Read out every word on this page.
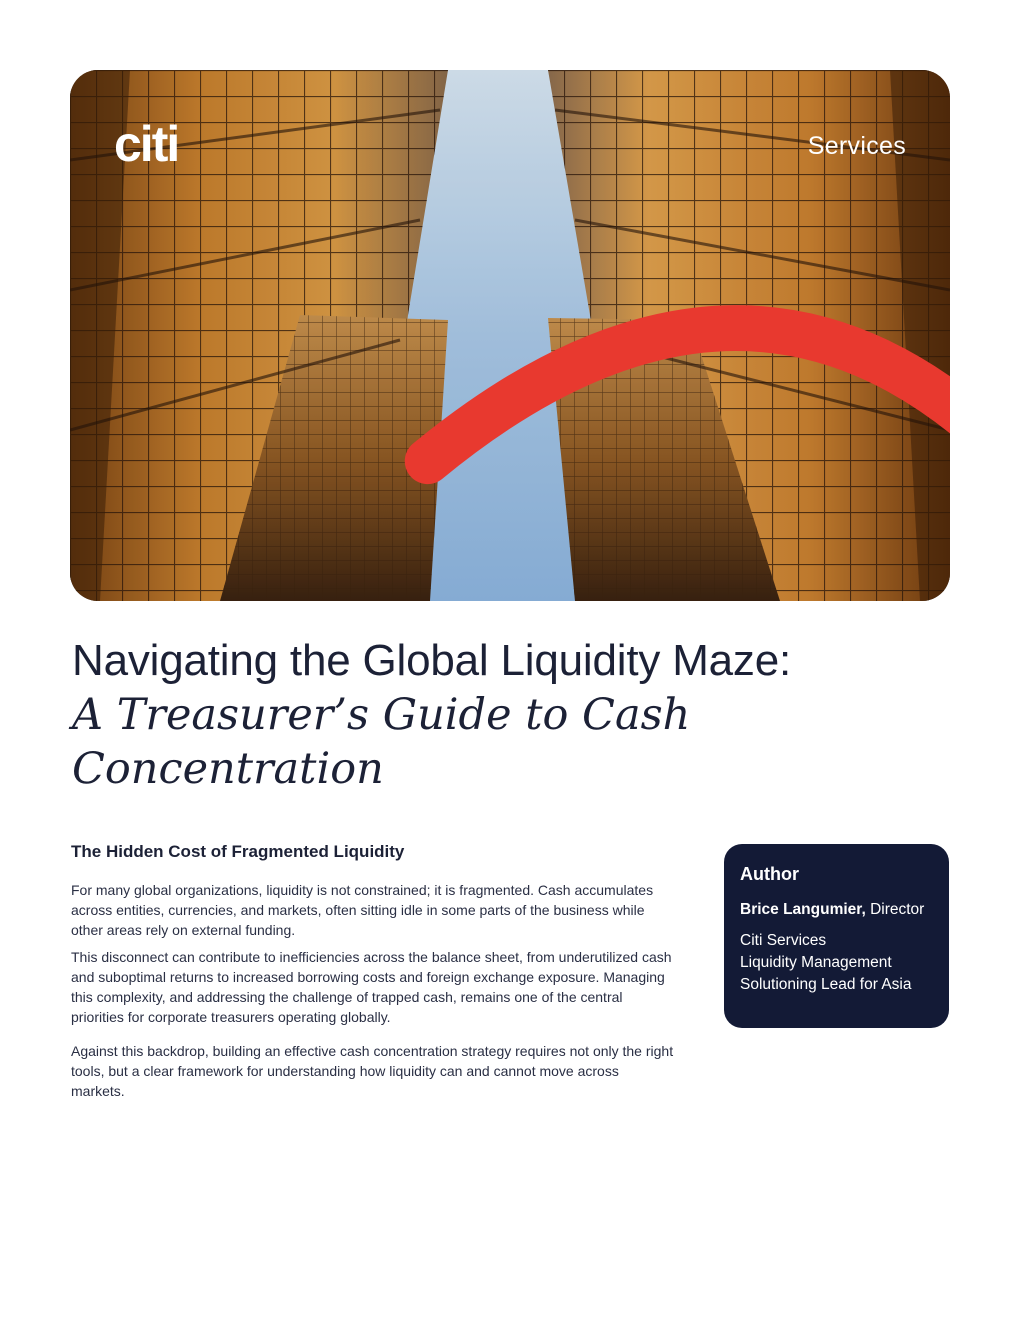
citi	Services
Navigating the Global Liquidity Maze:
A Treasurer’s Guide to Cash Concentration
The Hidden Cost of Fragmented Liquidity

For many global organizations, liquidity is not constrained; it is fragmented. Cash accumulates across entities, currencies, and markets, often sitting idle in some parts of the business while other areas rely on external funding.

This disconnect can contribute to inefficiencies across the balance sheet, from underutilized cash and suboptimal returns to increased borrowing costs and foreign exchange exposure. Managing this complexity, and addressing the challenge of trapped cash, remains one of the central priorities for corporate treasurers operating globally.

Against this backdrop, building an effective cash concentration strategy requires not only the right tools, but a clear framework for understanding how liquidity can and cannot move across markets.

Author
Brice Langumier, Director
Citi Services
Liquidity Management
Solutioning Lead for Asia
